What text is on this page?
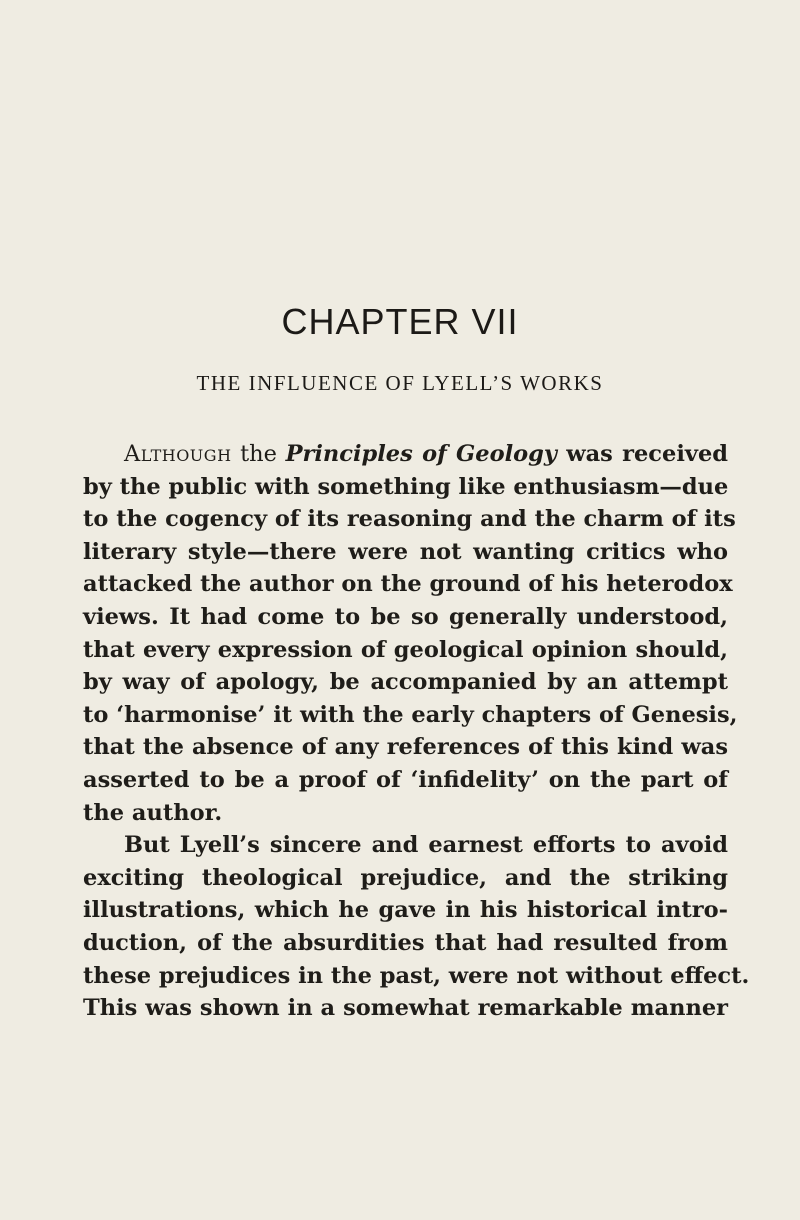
CHAPTER VII
THE INFLUENCE OF LYELL’S WORKS
Although the Principles of Geology was received
by the public with something like enthusiasm—due
to the cogency of its reasoning and the charm of its
literary style—there were not wanting critics who
attacked the author on the ground of his heterodox
views. It had come to be so generally understood,
that every expression of geological opinion should,
by way of apology, be accompanied by an attempt
to ‘harmonise’ it with the early chapters of Genesis,
that the absence of any references of this kind was
asserted to be a proof of ‘infidelity’ on the part of
the author.
But Lyell’s sincere and earnest efforts to avoid
exciting theological prejudice, and the striking
illustrations, which he gave in his historical intro-
duction, of the absurdities that had resulted from
these prejudices in the past, were not without effect.
This was shown in a somewhat remarkable manner
